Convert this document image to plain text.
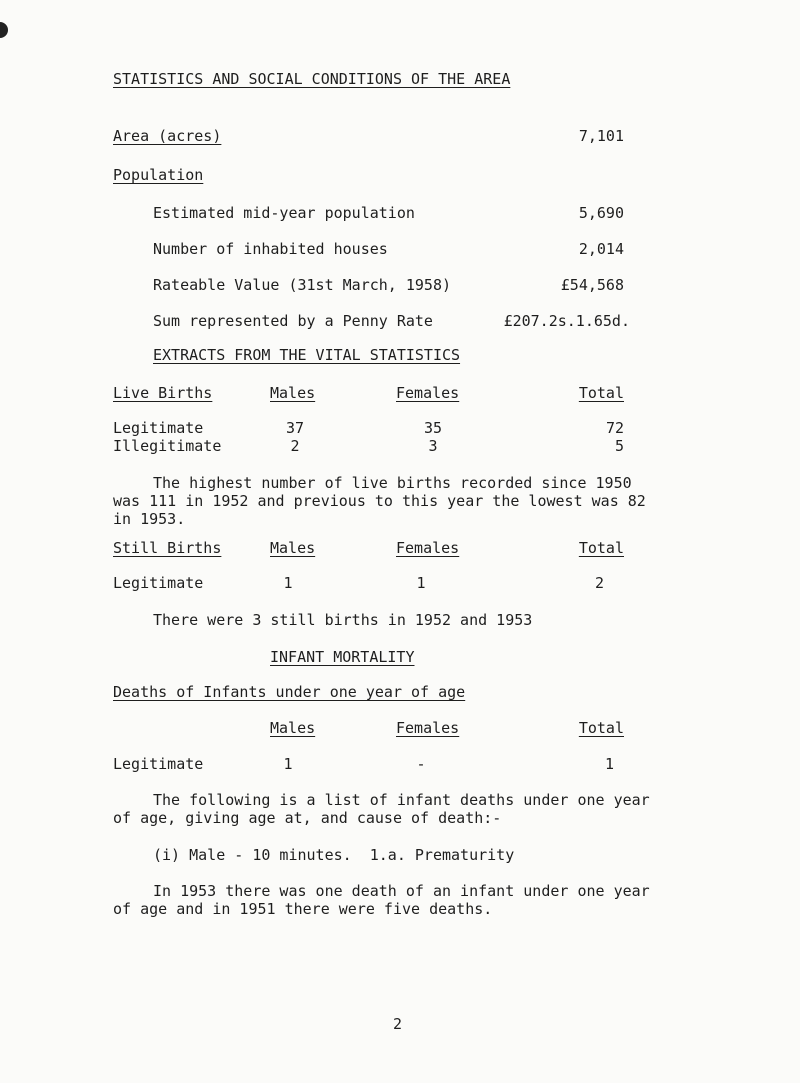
STATISTICS AND SOCIAL CONDITIONS OF THE AREA
Area (acres)	7,101
Population
Estimated mid-year population	5,690
Number of inhabited houses	2,014
Rateable Value (31st March, 1958)	£54,568
Sum represented by a Penny Rate	£207.2s.1.65d.
EXTRACTS FROM THE VITAL STATISTICS
Live Births	Males	Females	Total
Legitimate	37	35	72
Illegitimate	2	3	5
The highest number of live births recorded since 1950 was 111 in 1952 and previous to this year the lowest was 82 in 1953.
Still Births	Males	Females	Total
Legitimate	1	1	2
There were 3 still births in 1952 and 1953
INFANT MORTALITY
Deaths of Infants under one year of age
Males	Females	Total
Legitimate	1	-	1
The following is a list of infant deaths under one year of age, giving age at, and cause of death:-
(i) Male - 10 minutes.  1.a. Prematurity
In 1953 there was one death of an infant under one year of age and in 1951 there were five deaths.
2
